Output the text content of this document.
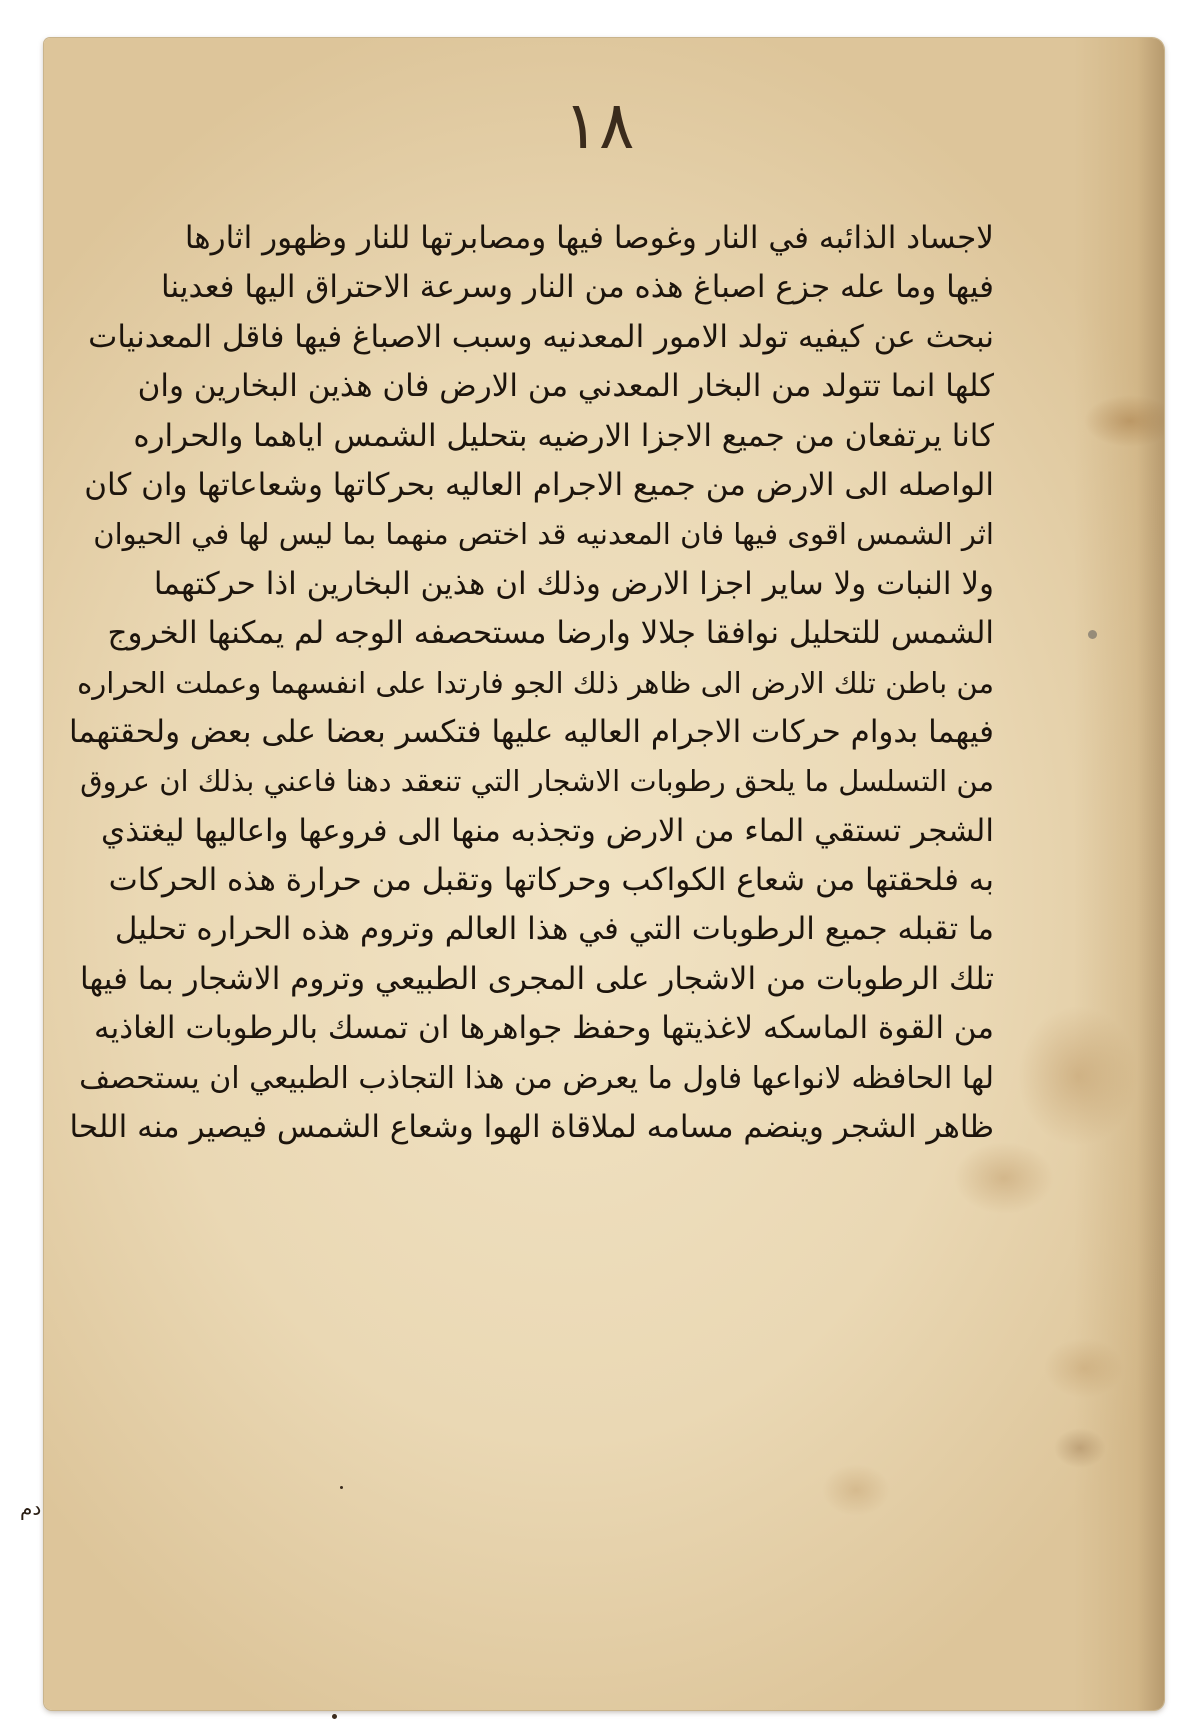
١٨
لاجساد الذائبه في النار وغوصا فيها ومصابرتها للنار وظهور اثارها
فيها وما عله جزع اصباغ هذه من النار وسرعة الاحتراق اليها فعدينا
نبحث عن كيفيه تولد الامور المعدنيه وسبب الاصباغ فيها فاقل المعدنيات
كلها انما تتولد من البخار المعدني من الارض فان هذين البخارين وان
كانا يرتفعان من جميع الاجزا الارضيه بتحليل الشمس اياهما والحراره
الواصله الى الارض من جميع الاجرام العاليه بحركاتها وشعاعاتها وان كان
اثر الشمس اقوى فيها فان المعدنيه قد اختص منهما بما ليس لها في الحيوان
ولا النبات ولا ساير اجزا الارض وذلك ان هذين البخارين اذا حركتهما
الشمس للتحليل نوافقا جلالا وارضا مستحصفه الوجه لم يمكنها الخروج
من باطن تلك الارض الى ظاهر ذلك الجو فارتدا على انفسهما وعملت الحراره
فيهما بدوام حركات الاجرام العاليه عليها فتكسر بعضا على بعض ولحقتهما
من التسلسل ما يلحق رطوبات الاشجار التي تنعقد دهنا فاعني بذلك ان عروق
الشجر تستقي الماء من الارض وتجذبه منها الى فروعها واعاليها ليغتذي
به فلحقتها من شعاع الكواكب وحركاتها وتقبل من حرارة هذه الحركات
ما تقبله جميع الرطوبات التي في هذا العالم وتروم هذه الحراره تحليل
تلك الرطوبات من الاشجار على المجرى الطبيعي وتروم الاشجار بما فيها
من القوة الماسكه لاغذيتها وحفظ جواهرها ان تمسك بالرطوبات الغاذيه
لها الحافظه لانواعها فاول ما يعرض من هذا التجاذب الطبيعي ان يستحصف
ظاهر الشجر وينضم مسامه لملاقاة الهوا وشعاع الشمس فيصير منه اللحا
دم
